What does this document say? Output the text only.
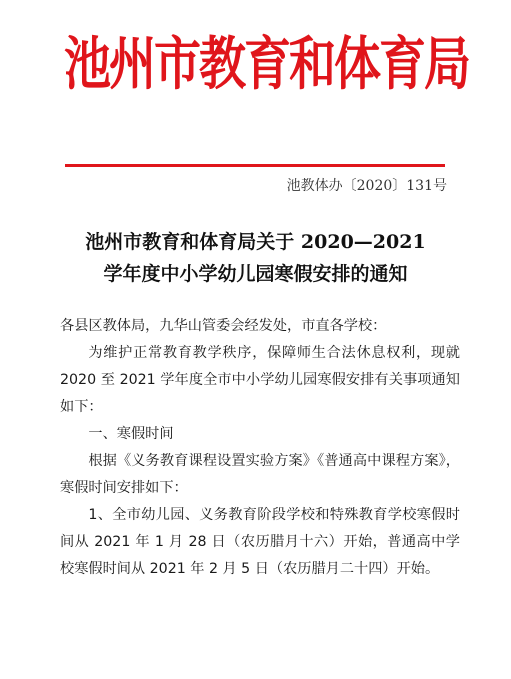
池州市教育和体育局
池教体办〔2020〕131号
池州市教育和体育局关于 2020—2021
学年度中小学幼儿园寒假安排的通知

各县区教体局，九华山管委会经发处，市直各学校：

为维护正常教育教学秩序，保障师生合法休息权利，现就 2020 至 2021 学年度全市中小学幼儿园寒假安排有关事项通知如下：

一、寒假时间

根据《义务教育课程设置实验方案》《普通高中课程方案》，寒假时间安排如下：

1、全市幼儿园、义务教育阶段学校和特殊教育学校寒假时间从 2021 年 1 月 28 日（农历腊月十六）开始，普通高中学校寒假时间从 2021 年 2 月 5 日（农历腊月二十四）开始。
